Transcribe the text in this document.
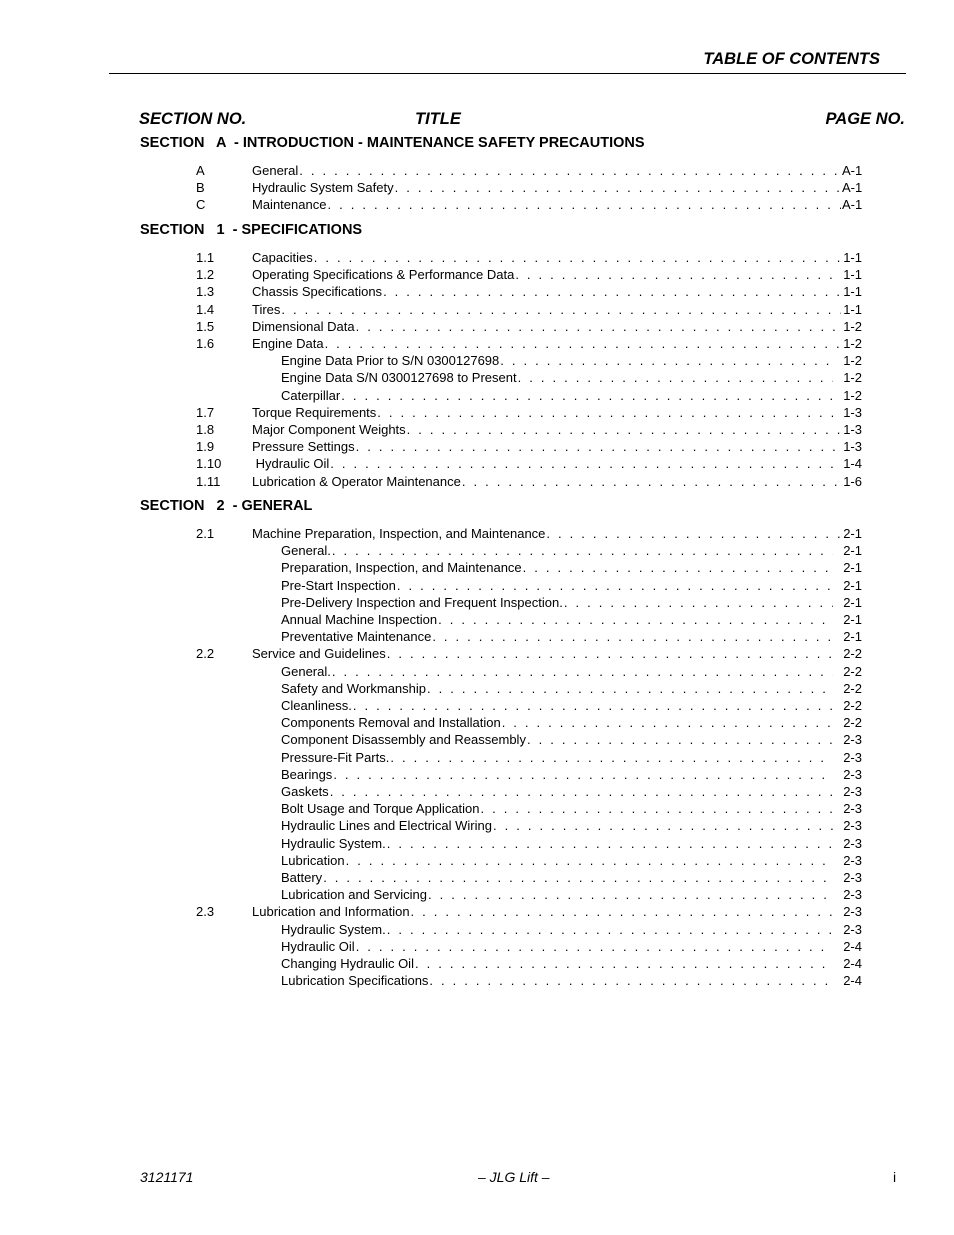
TABLE OF CONTENTS
SECTION NO.	TITLE	PAGE NO.
SECTION   A  - INTRODUCTION - MAINTENANCE SAFETY PRECAUTIONS
A	General . . .	A-1
B	Hydraulic System Safety . . .	A-1
C	Maintenance . . .	A-1
SECTION   1  - SPECIFICATIONS
1.1	Capacities . . .	1-1
1.2	Operating Specifications & Performance Data . . .	1-1
1.3	Chassis Specifications . . .	1-1
1.4	Tires . . .	1-1
1.5	Dimensional Data . . .	1-2
1.6	Engine Data . . .	1-2
Engine Data Prior to S/N 0300127698 . . .	1-2
Engine Data S/N 0300127698 to Present . . .	1-2
Caterpillar . . .	1-2
1.7	Torque Requirements . . .	1-3
1.8	Major Component Weights . . .	1-3
1.9	Pressure Settings . . .	1-3
1.10 Hydraulic Oil . . .	1-4
1.11 Lubrication & Operator Maintenance . . .	1-6
SECTION   2  - GENERAL
2.1	Machine Preparation, Inspection, and Maintenance . . .	2-1
General. . . .	2-1
Preparation, Inspection, and Maintenance . . .	2-1
Pre-Start Inspection . . .	2-1
Pre-Delivery Inspection and Frequent Inspection. . . .	2-1
Annual Machine Inspection . . .	2-1
Preventative Maintenance . . .	2-1
2.2	Service and Guidelines . . .	2-2
General. . . .	2-2
Safety and Workmanship . . .	2-2
Cleanliness. . . .	2-2
Components Removal and Installation . . .	2-2
Component Disassembly and Reassembly . . .	2-3
Pressure-Fit Parts. . . .	2-3
Bearings . . .	2-3
Gaskets . . .	2-3
Bolt Usage and Torque Application . . .	2-3
Hydraulic Lines and Electrical Wiring . . .	2-3
Hydraulic System. . . .	2-3
Lubrication . . .	2-3
Battery . . .	2-3
Lubrication and Servicing . . .	2-3
2.3	Lubrication and Information . . .	2-3
Hydraulic System. . . .	2-3
Hydraulic Oil . . .	2-4
Changing Hydraulic Oil . . .	2-4
Lubrication Specifications . . .	2-4
3121171	– JLG Lift –	i
